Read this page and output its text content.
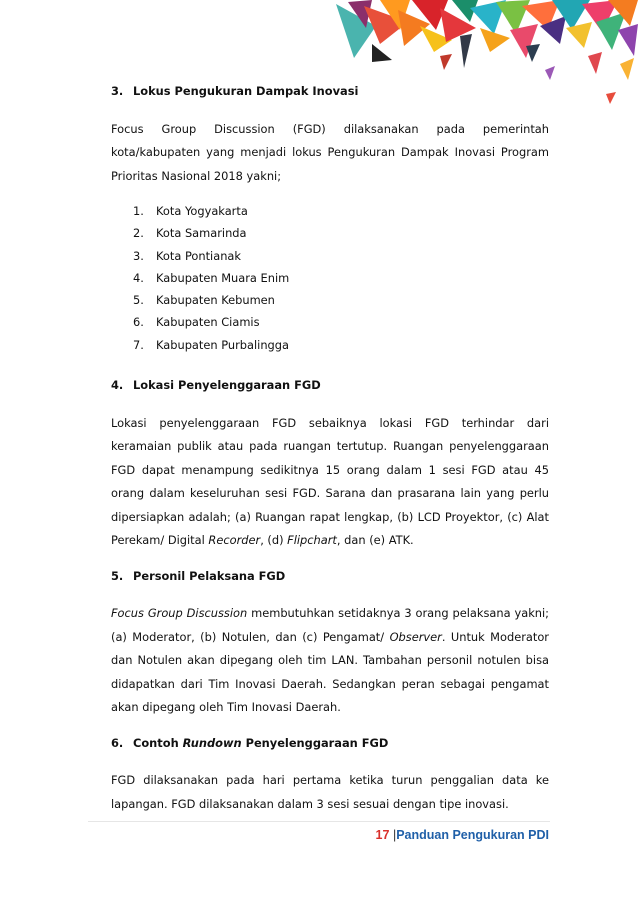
3. Lokus Pengukuran Dampak Inovasi

Focus Group Discussion (FGD) dilaksanakan pada pemerintah kota/kabupaten yang menjadi lokus Pengukuran Dampak Inovasi Program Prioritas Nasional 2018 yakni;

1.	Kota Yogyakarta
2.	Kota Samarinda
3.	Kota Pontianak
4.	Kabupaten Muara Enim
5.	Kabupaten Kebumen
6.	Kabupaten Ciamis
7.	Kabupaten Purbalingga
4. Lokasi Penyelenggaraan FGD

Lokasi penyelenggaraan FGD sebaiknya lokasi FGD terhindar dari keramaian publik atau pada ruangan tertutup. Ruangan penyelenggaraan FGD dapat menampung sedikitnya 15 orang dalam 1 sesi FGD atau 45 orang dalam keseluruhan sesi FGD. Sarana dan prasarana lain yang perlu dipersiapkan adalah; (a) Ruangan rapat lengkap, (b) LCD Proyektor, (c) Alat Perekam/ Digital Recorder, (d) Flipchart, dan (e) ATK.

5. Personil Pelaksana FGD

Focus Group Discussion membutuhkan setidaknya 3 orang pelaksana yakni; (a) Moderator, (b) Notulen, dan (c) Pengamat/ Observer. Untuk Moderator dan Notulen akan dipegang oleh tim LAN. Tambahan personil notulen bisa didapatkan dari Tim Inovasi Daerah. Sedangkan peran sebagai pengamat akan dipegang oleh Tim Inovasi Daerah.

6. Contoh Rundown Penyelenggaraan FGD

FGD dilaksanakan pada hari pertama ketika turun penggalian data ke lapangan. FGD dilaksanakan dalam 3 sesi sesuai dengan tipe inovasi.

17 |Panduan Pengukuran PDI
